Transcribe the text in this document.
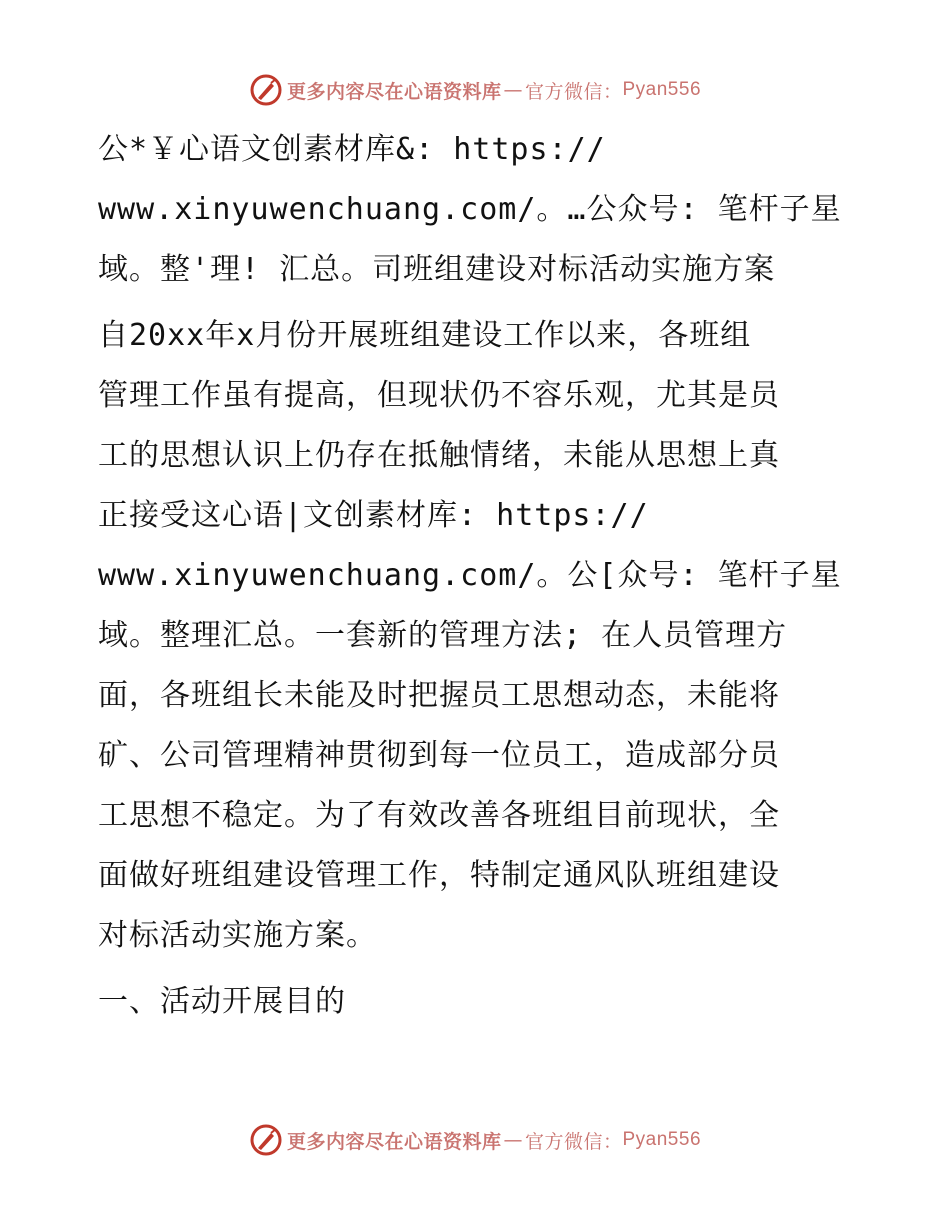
更多内容尽在心语资料库 — 官方微信： Pyan556

公*￥心语文创素材库&: https://
www.xinyuwenchuang.com/。…公众号: 笔杆子星
域。整'理! 汇总。司班组建设对标活动实施方案

自20xx年x月份开展班组建设工作以来，各班组
管理工作虽有提高，但现状仍不容乐观，尤其是员
工的思想认识上仍存在抵触情绪，未能从思想上真
正接受这心语|文创素材库: https://
www.xinyuwenchuang.com/。公[众号: 笔杆子星
域。整理汇总。一套新的管理方法; 在人员管理方
面，各班组长未能及时把握员工思想动态，未能将
矿、公司管理精神贯彻到每一位员工，造成部分员
工思想不稳定。为了有效改善各班组目前现状，全
面做好班组建设管理工作，特制定通风队班组建设
对标活动实施方案。

一、活动开展目的

更多内容尽在心语资料库 — 官方微信： Pyan556
